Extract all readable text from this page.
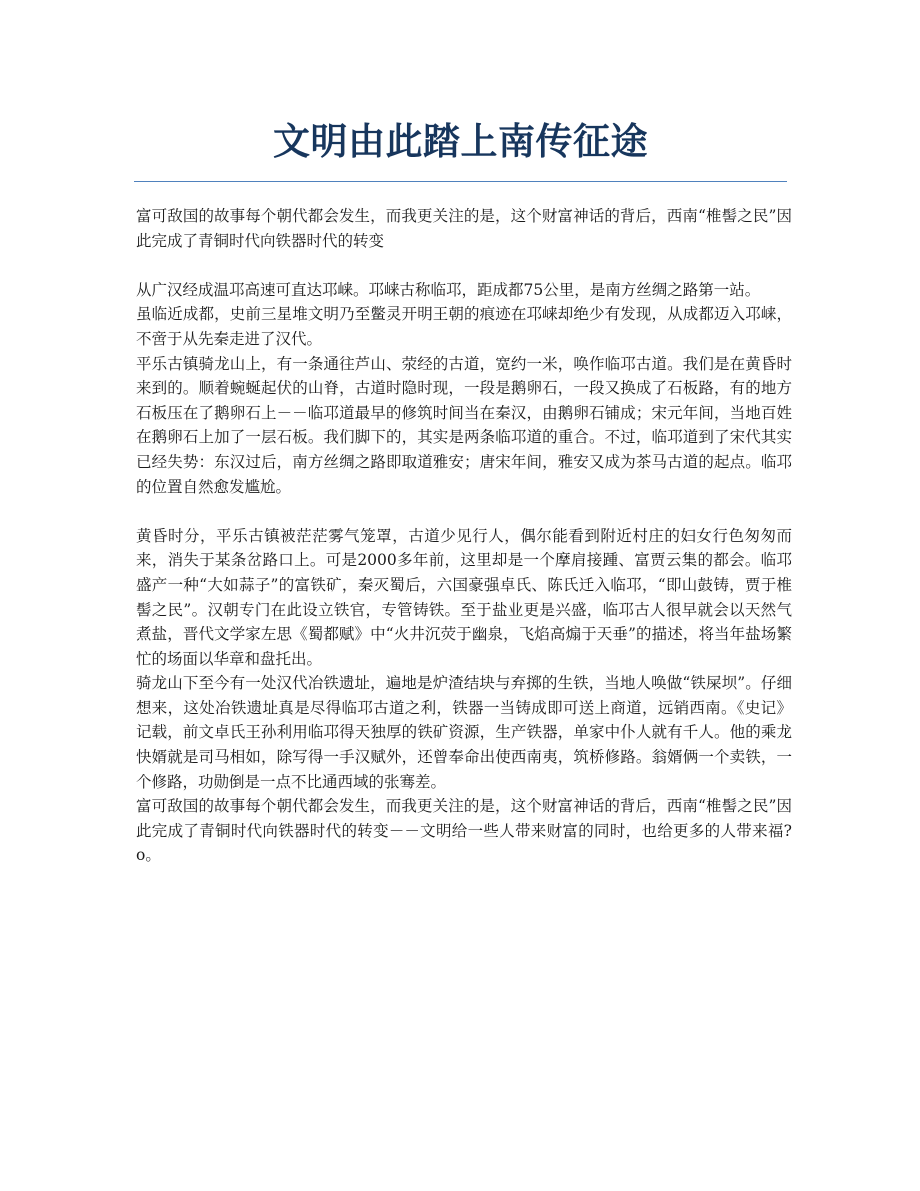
文明由此踏上南传征途

富可敌国的故事每个朝代都会发生，而我更关注的是，这个财富神话的背后，西南“椎髻之民”因此完成了青铜时代向铁器时代的转变

从广汉经成温邛高速可直达邛崃。邛崃古称临邛，距成都75公里，是南方丝绸之路第一站。

虽临近成都，史前三星堆文明乃至鳖灵开明王朝的痕迹在邛崃却绝少有发现，从成都迈入邛崃，不啻于从先秦走进了汉代。

平乐古镇骑龙山上，有一条通往芦山、荥经的古道，宽约一米，唤作临邛古道。我们是在黄昏时来到的。顺着蜿蜒起伏的山脊，古道时隐时现，一段是鹅卵石，一段又换成了石板路，有的地方石板压在了鹅卵石上－－临邛道最早的修筑时间当在秦汉，由鹅卵石铺成；宋元年间，当地百姓在鹅卵石上加了一层石板。我们脚下的，其实是两条临邛道的重合。不过，临邛道到了宋代其实已经失势：东汉过后，南方丝绸之路即取道雅安；唐宋年间，雅安又成为茶马古道的起点。临邛的位置自然愈发尴尬。

黄昏时分，平乐古镇被茫茫雾气笼罩，古道少见行人，偶尔能看到附近村庄的妇女行色匆匆而来，消失于某条岔路口上。可是2000多年前，这里却是一个摩肩接踵、富贾云集的都会。临邛盛产一种“大如蒜子”的富铁矿，秦灭蜀后，六国豪强卓氏、陈氏迁入临邛，“即山鼓铸，贾于椎髻之民”。汉朝专门在此设立铁官，专管铸铁。至于盐业更是兴盛，临邛古人很早就会以天然气煮盐，晋代文学家左思《蜀都赋》中“火井沉荧于幽泉，飞焰高煽于天垂”的描述，将当年盐场繁忙的场面以华章和盘托出。

骑龙山下至今有一处汉代冶铁遗址，遍地是炉渣结块与弃掷的生铁，当地人唤做“铁屎坝”。仔细想来，这处冶铁遗址真是尽得临邛古道之利，铁器一当铸成即可送上商道，远销西南。《史记》记载，前文卓氏王孙利用临邛得天独厚的铁矿资源，生产铁器，单家中仆人就有千人。他的乘龙快婿就是司马相如，除写得一手汉赋外，还曾奉命出使西南夷，筑桥修路。翁婿俩一个卖铁，一个修路，功勋倒是一点不比通西域的张骞差。

富可敌国的故事每个朝代都会发生，而我更关注的是，这个财富神话的背后，西南“椎髻之民”因此完成了青铜时代向铁器时代的转变－－文明给一些人带来财富的同时，也给更多的人带来福?o。
